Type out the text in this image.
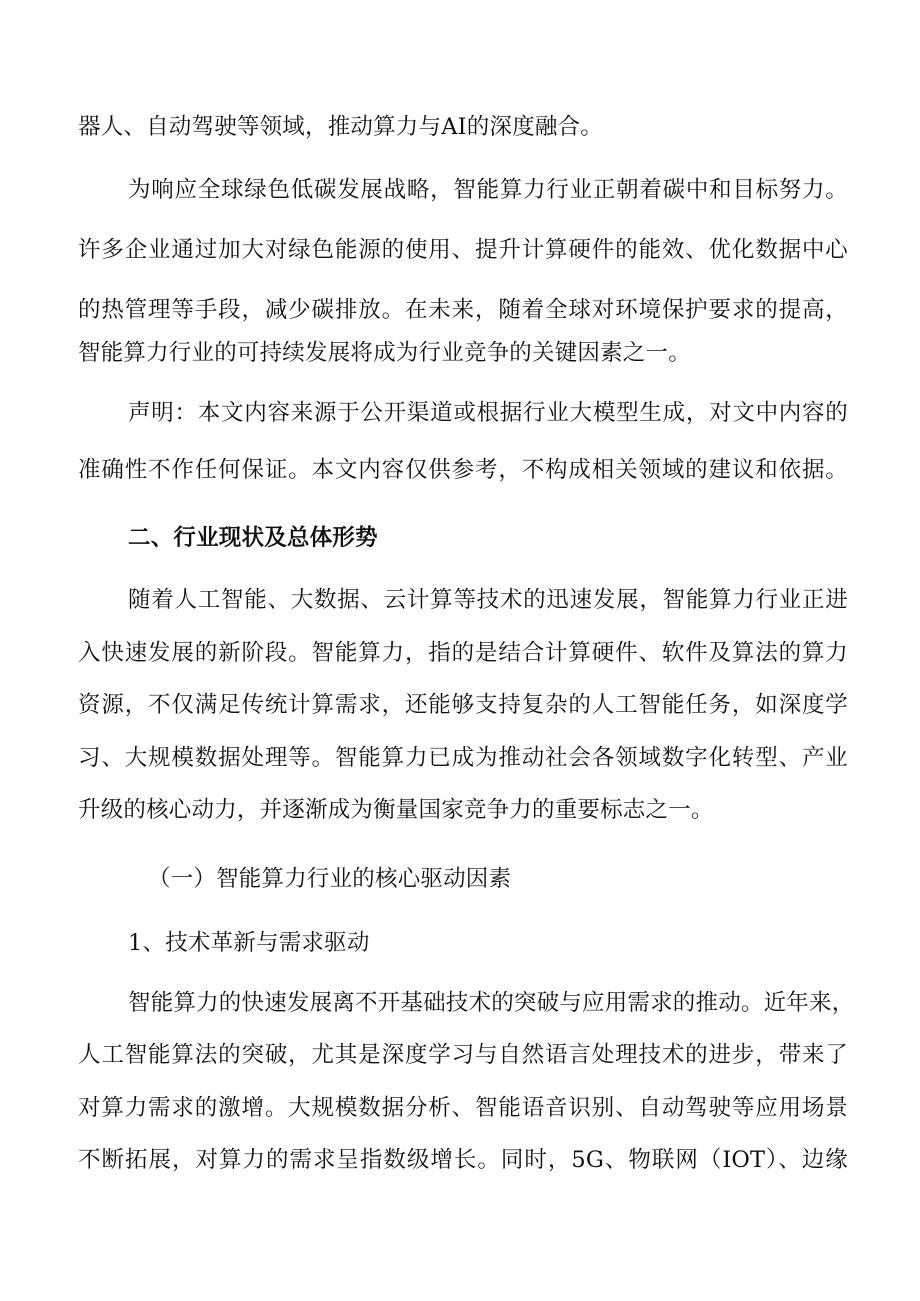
器人、自动驾驶等领域，推动算力与AI的深度融合。
为响应全球绿色低碳发展战略，智能算力行业正朝着碳中和目标努力。
许多企业通过加大对绿色能源的使用、提升计算硬件的能效、优化数据中心
的热管理等手段，减少碳排放。在未来，随着全球对环境保护要求的提高，
智能算力行业的可持续发展将成为行业竞争的关键因素之一。
声明：本文内容来源于公开渠道或根据行业大模型生成，对文中内容的
准确性不作任何保证。本文内容仅供参考，不构成相关领域的建议和依据。
二、行业现状及总体形势
随着人工智能、大数据、云计算等技术的迅速发展，智能算力行业正进
入快速发展的新阶段。智能算力，指的是结合计算硬件、软件及算法的算力
资源，不仅满足传统计算需求，还能够支持复杂的人工智能任务，如深度学
习、大规模数据处理等。智能算力已成为推动社会各领域数字化转型、产业
升级的核心动力，并逐渐成为衡量国家竞争力的重要标志之一。
（一）智能算力行业的核心驱动因素
1、技术革新与需求驱动
智能算力的快速发展离不开基础技术的突破与应用需求的推动。近年来，
人工智能算法的突破，尤其是深度学习与自然语言处理技术的进步，带来了
对算力需求的激增。大规模数据分析、智能语音识别、自动驾驶等应用场景
不断拓展，对算力的需求呈指数级增长。同时，5G、物联网（IOT）、边缘
